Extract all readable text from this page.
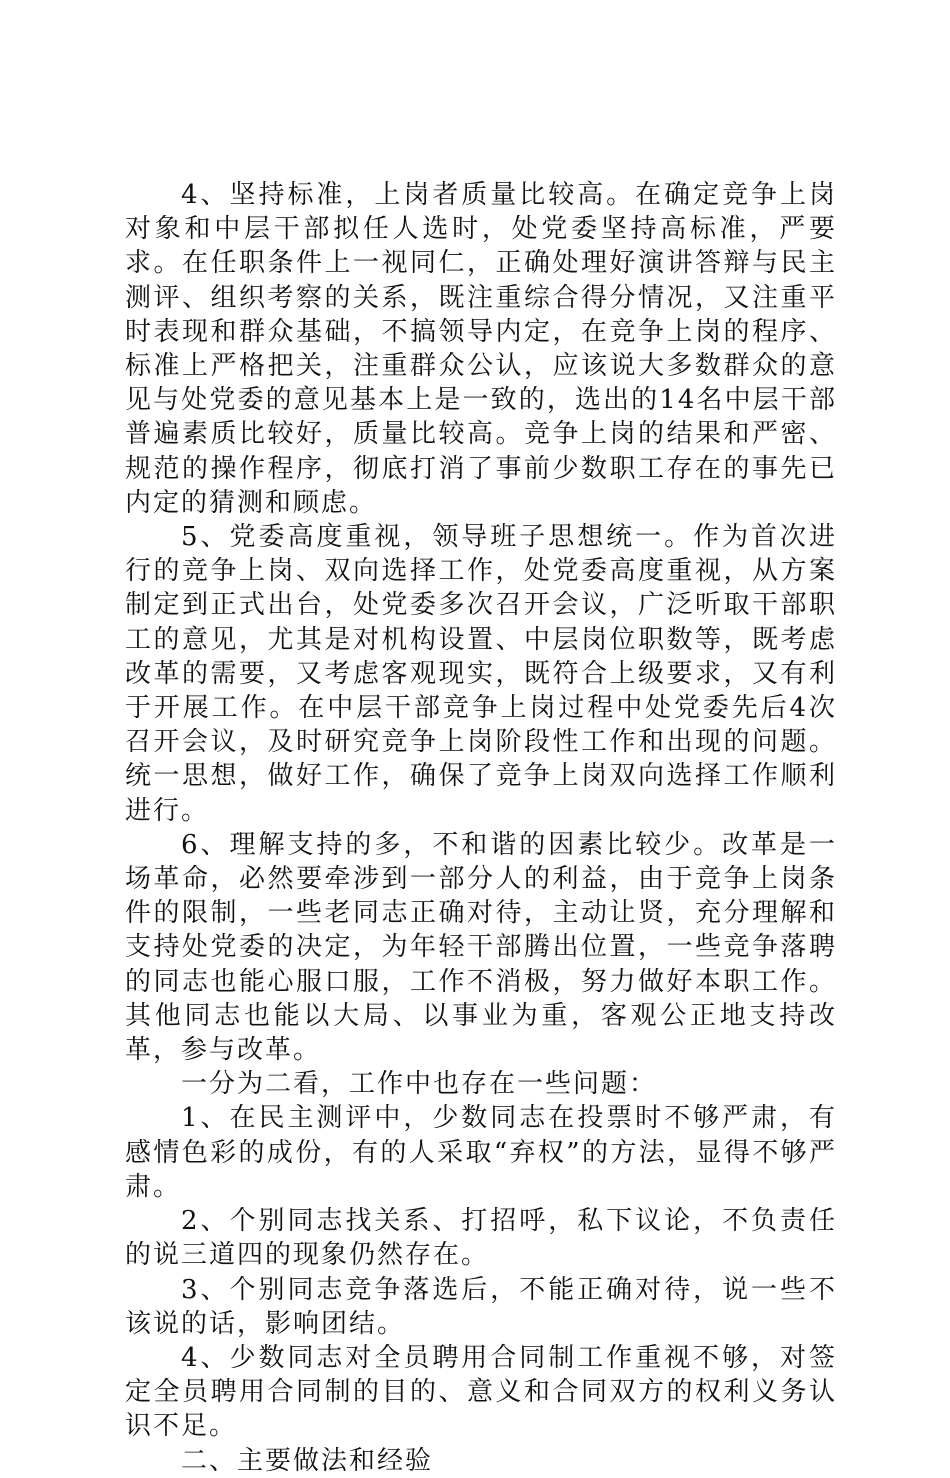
4、坚持标准，上岗者质量比较高。在确定竞争上岗对象和中层干部拟任人选时，处党委坚持高标准，严要求。在任职条件上一视同仁，正确处理好演讲答辩与民主测评、组织考察的关系，既注重综合得分情况，又注重平时表现和群众基础，不搞领导内定，在竞争上岗的程序、标准上严格把关，注重群众公认，应该说大多数群众的意见与处党委的意见基本上是一致的，选出的14名中层干部普遍素质比较好，质量比较高。竞争上岗的结果和严密、规范的操作程序，彻底打消了事前少数职工存在的事先已内定的猜测和顾虑。

5、党委高度重视，领导班子思想统一。作为首次进行的竞争上岗、双向选择工作，处党委高度重视，从方案制定到正式出台，处党委多次召开会议，广泛听取干部职工的意见，尤其是对机构设置、中层岗位职数等，既考虑改革的需要，又考虑客观现实，既符合上级要求，又有利于开展工作。在中层干部竞争上岗过程中处党委先后4次召开会议，及时研究竞争上岗阶段性工作和出现的问题。统一思想，做好工作，确保了竞争上岗双向选择工作顺利进行。

6、理解支持的多，不和谐的因素比较少。改革是一场革命，必然要牵涉到一部分人的利益，由于竞争上岗条件的限制，一些老同志正确对待，主动让贤，充分理解和支持处党委的决定，为年轻干部腾出位置，一些竞争落聘的同志也能心服口服，工作不消极，努力做好本职工作。其他同志也能以大局、以事业为重，客观公正地支持改革，参与改革。

一分为二看，工作中也存在一些问题：

1、在民主测评中，少数同志在投票时不够严肃，有感情色彩的成份，有的人采取“弃权”的方法，显得不够严肃。

2、个别同志找关系、打招呼，私下议论，不负责任的说三道四的现象仍然存在。

3、个别同志竞争落选后，不能正确对待，说一些不该说的话，影响团结。

4、少数同志对全员聘用合同制工作重视不够，对签定全员聘用合同制的目的、意义和合同双方的权利义务认识不足。

二、主要做法和经验
